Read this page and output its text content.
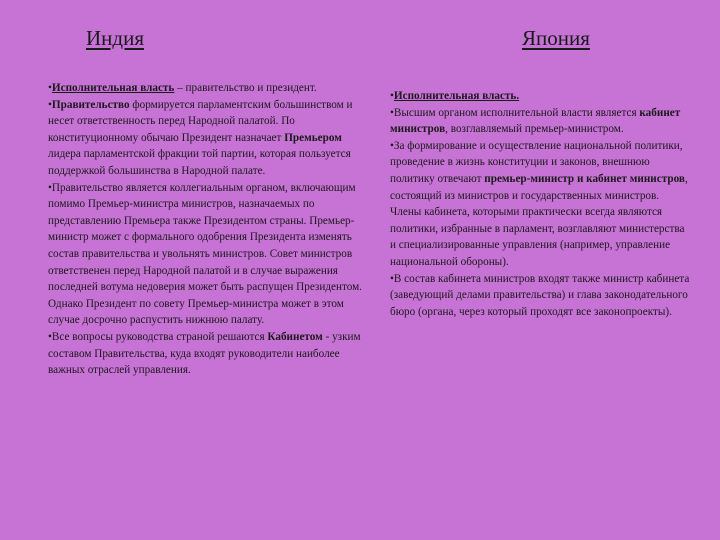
Индия	Япония

•Исполнительная власть – правительство и президент.

•Правительство формируется парламентским большинством и несет ответственность перед Народной палатой. По конституционному обычаю Президент назначает Премьером лидера парламентской фракции той партии, которая пользуется поддержкой большинства в Народной палате.

•Правительство является коллегиальным органом, включающим помимо Премьер-министра министров, назначаемых по представлению Премьера также Президентом страны. Премьер-министр может с формального одобрения Президента изменять состав правительства и увольнять министров. Совет министров ответственен перед Народной палатой и в случае выражения последней вотума недоверия может быть распущен Президентом. Однако Президент по совету Премьер-министра может в этом случае досрочно распустить нижнюю палату.

•Все вопросы руководства страной решаются Кабинетом - узким составом Правительства, куда входят руководители наиболее важных отраслей управления.

•Исполнительная власть.

•Высшим органом исполнительной власти является кабинет министров, возглавляемый премьер-министром.

•За формирование и осуществление национальной политики, проведение в жизнь конституции и законов, внешнюю политику отвечают премьер-министр и кабинет министров, состоящий из министров и государственных министров. Члены кабинета, которыми практически всегда являются политики, избранные в парламент, возглавляют министерства и специализированные управления (например, управление национальной обороны).

•В состав кабинета министров входят также министр кабинета (заведующий делами правительства) и глава законодательного бюро (органа, через который проходят все законопроекты).
